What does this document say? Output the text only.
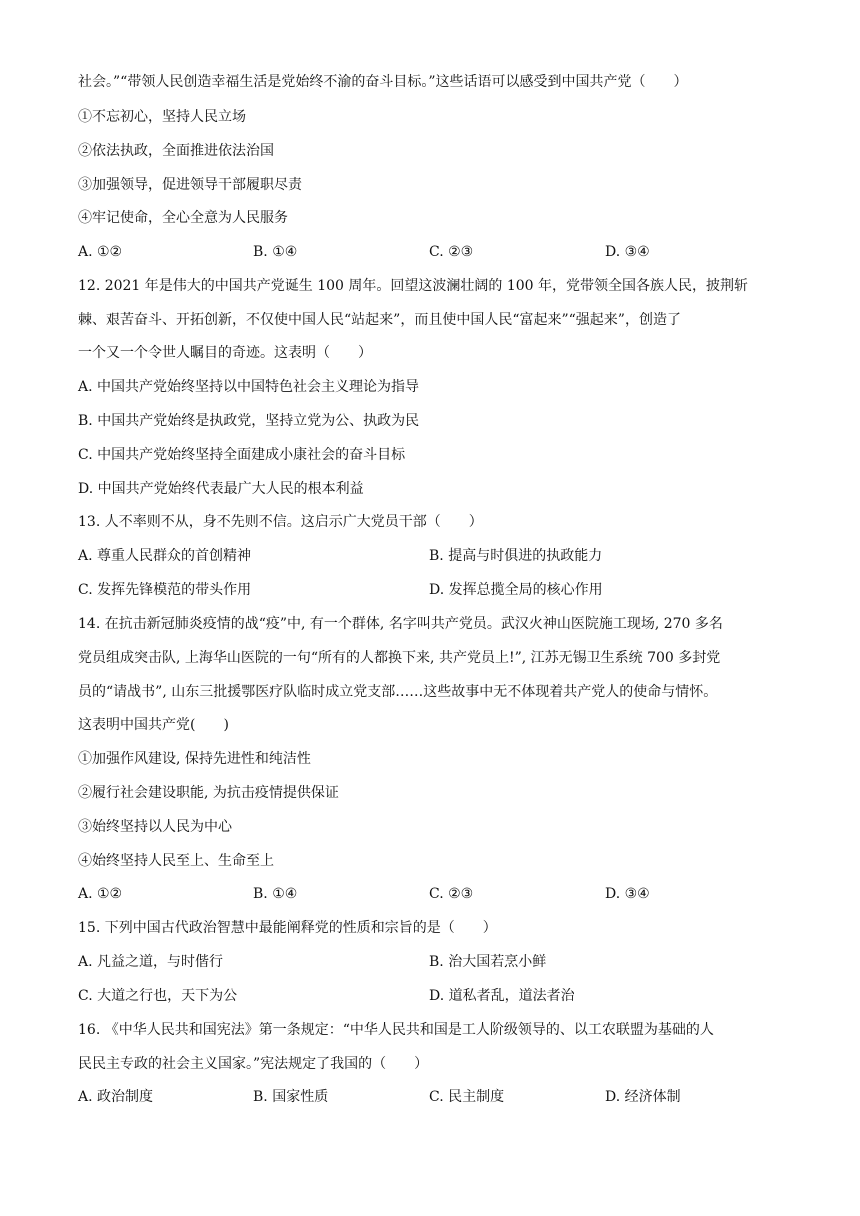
社会。”“带领人民创造幸福生活是党始终不渝的奋斗目标。”这些话语可以感受到中国共产党（　　）
①不忘初心，坚持人民立场
②依法执政，全面推进依法治国
③加强领导，促进领导干部履职尽责
④牢记使命，全心全意为人民服务
A. ①②	B. ①④	C. ②③	D. ③④
12. 2021 年是伟大的中国共产党诞生 100 周年。回望这波澜壮阔的 100 年，党带领全国各族人民，披荆斩
棘、艰苦奋斗、开拓创新，不仅使中国人民“站起来”，而且使中国人民“富起来”“强起来”，创造了
一个又一个令世人瞩目的奇迹。这表明（　　）
A. 中国共产党始终坚持以中国特色社会主义理论为指导
B. 中国共产党始终是执政党，坚持立党为公、执政为民
C. 中国共产党始终坚持全面建成小康社会的奋斗目标
D. 中国共产党始终代表最广大人民的根本利益
13. 人不率则不从，身不先则不信。这启示广大党员干部（　　）
A. 尊重人民群众的首创精神	B. 提高与时俱进的执政能力
C. 发挥先锋模范的带头作用	D. 发挥总揽全局的核心作用
14. 在抗击新冠肺炎疫情的战“疫”中, 有一个群体, 名字叫共产党员。武汉火神山医院施工现场, 270 多名
党员组成突击队, 上海华山医院的一句“所有的人都换下来, 共产党员上!”, 江苏无锡卫生系统 700 多封党
员的“请战书”, 山东三批援鄂医疗队临时成立党支部……这些故事中无不体现着共产党人的使命与情怀。
这表明中国共产党(　　)
①加强作风建设, 保持先进性和纯洁性
②履行社会建设职能, 为抗击疫情提供保证
③始终坚持以人民为中心
④始终坚持人民至上、生命至上
A. ①②	B. ①④	C. ②③	D. ③④
15. 下列中国古代政治智慧中最能阐释党的性质和宗旨的是（　　）
A. 凡益之道，与时偕行	B. 治大国若烹小鲜
C. 大道之行也，天下为公	D. 道私者乱，道法者治
16. 《中华人民共和国宪法》第一条规定：“中华人民共和国是工人阶级领导的、以工农联盟为基础的人
民民主专政的社会主义国家。”宪法规定了我国的（　　）
A. 政治制度	B. 国家性质	C. 民主制度	D. 经济体制
